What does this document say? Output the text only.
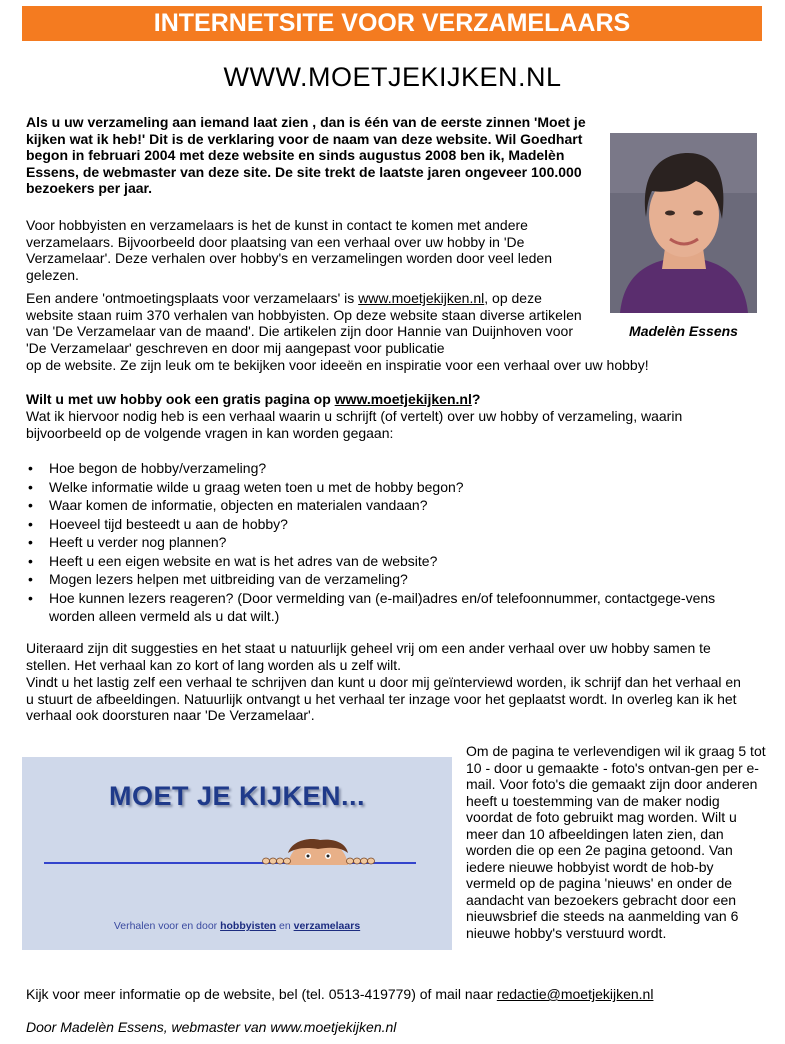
INTERNETSITE VOOR VERZAMELAARS
WWW.MOETJEKIJKEN.NL

Als u uw verzameling aan iemand laat zien , dan is één van de eerste zinnen 'Moet je kijken wat ik heb!' Dit is de verklaring voor de naam van deze website. Wil Goedhart begon in februari 2004 met deze website en sinds augustus 2008 ben ik, Madelèn Essens, de webmaster van deze site. De site trekt de laatste jaren ongeveer 100.000 bezoekers per jaar.

Madelèn Essens

Voor hobbyisten en verzamelaars is het de kunst in contact te komen met andere verzamelaars. Bijvoorbeeld door plaatsing van een verhaal over uw hobby in 'De Verzamelaar'. Deze verhalen over hobby's en verzamelingen worden door veel leden gelezen.

Een andere 'ontmoetingsplaats voor verzamelaars' is www.moetjekijken.nl, op deze website staan ruim 370 verhalen van hobbyisten. Op deze website staan diverse artikelen van 'De Verzamelaar van de maand'. Die artikelen zijn door Hannie van Duijnhoven voor 'De Verzamelaar' geschreven en door mij aangepast voor publicatie

op de website. Ze zijn leuk om te bekijken voor ideeën en inspiratie voor een verhaal over uw hobby!

Wilt u met uw hobby ook een gratis pagina op www.moetjekijken.nl?

Wat ik hiervoor nodig heb is een verhaal waarin u schrijft (of vertelt) over uw hobby of verzameling, waarin bijvoorbeeld op de volgende vragen in kan worden gegaan:

• Hoe begon de hobby/verzameling?
• Welke informatie wilde u graag weten toen u met de hobby begon?
• Waar komen de informatie, objecten en materialen vandaan?
• Hoeveel tijd besteedt u aan de hobby?
• Heeft u verder nog plannen?
• Heeft u een eigen website en wat is het adres van de website?
• Mogen lezers helpen met uitbreiding van de verzameling?
• Hoe kunnen lezers reageren? (Door vermelding van (e-mail)adres en/of telefoonnummer, contactgege-vens worden alleen vermeld als u dat wilt.)

Uiteraard zijn dit suggesties en het staat u natuurlijk geheel vrij om een ander verhaal over uw hobby samen te stellen. Het verhaal kan zo kort of lang worden als u zelf wilt.

Vindt u het lastig zelf een verhaal te schrijven dan kunt u door mij geïnterviewd worden, ik schrijf dan het verhaal en u stuurt de afbeeldingen. Natuurlijk ontvangt u het verhaal ter inzage voor het geplaatst wordt. In overleg kan ik het verhaal ook doorsturen naar 'De Verzamelaar'.

MOET JE KIJKEN...
Verhalen voor en door hobbyisten en verzamelaars

Om de pagina te verlevendigen wil ik graag 5 tot 10 - door u gemaakte - foto's ontvan-gen per e-mail. Voor foto's die gemaakt zijn door anderen heeft u toestemming van de maker nodig voordat de foto gebruikt mag worden. Wilt u meer dan 10 afbeeldingen laten zien, dan worden die op een 2e pagina getoond. Van iedere nieuwe hobbyist wordt de hob-by vermeld op de pagina 'nieuws' en onder de aandacht van bezoekers gebracht door een nieuwsbrief die steeds na aanmelding van 6 nieuwe hobby's verstuurd wordt.

Kijk voor meer informatie op de website, bel (tel. 0513-419779) of mail naar redactie@moetjekijken.nl

Door Madelèn Essens, webmaster van www.moetjekijken.nl
